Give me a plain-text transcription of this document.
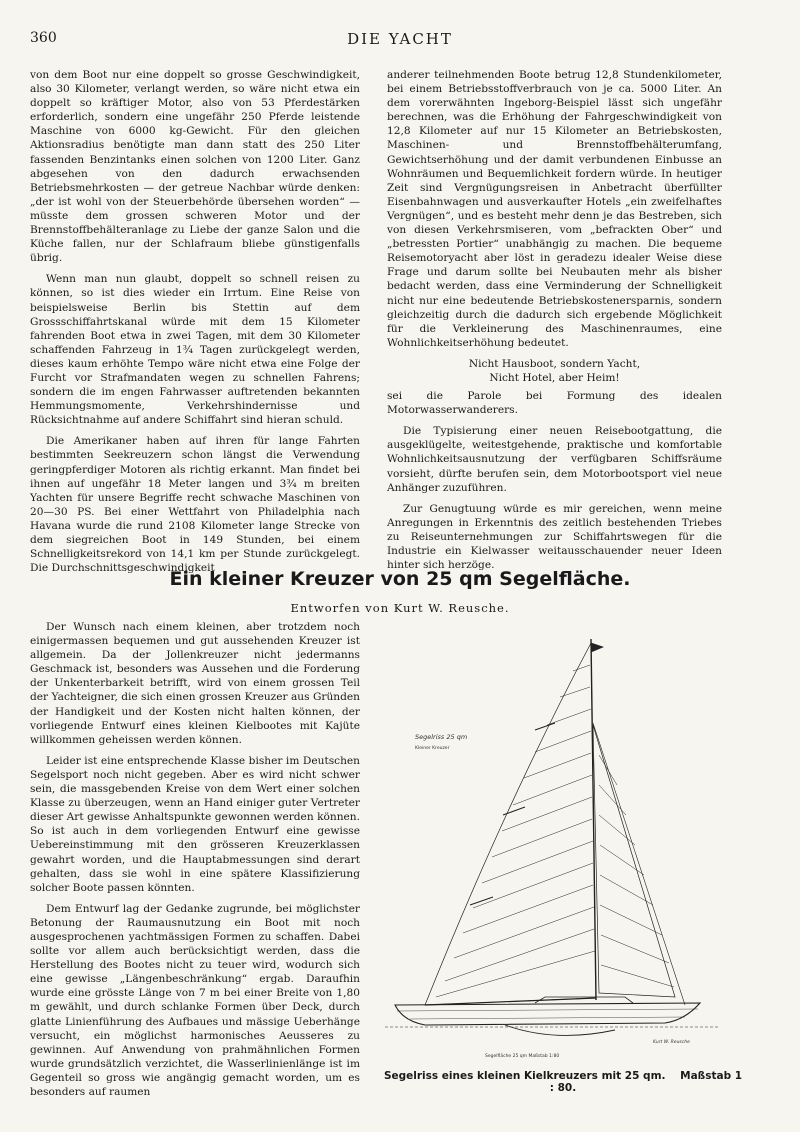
360	DIE YACHT

von dem Boot nur eine doppelt so grosse Geschwindigkeit, also 30 Kilometer, verlangt werden, so wäre nicht etwa ein doppelt so kräftiger Motor, also von 53 Pferdestärken erforderlich, sondern eine ungefähr 250 Pferde leistende Maschine von 6000 kg-Gewicht. Für den gleichen Aktionsradius benötigte man dann statt des 250 Liter fassenden Benzintanks einen solchen von 1200 Liter. Ganz abgesehen von den dadurch erwachsenden Betriebsmehrkosten — der getreue Nachbar würde denken: „der ist wohl von der Steuerbehörde übersehen worden“ — müsste dem grossen schweren Motor und der Brennstoffbehälteranlage zu Liebe der ganze Salon und die Küche fallen, nur der Schlafraum bliebe günstigenfalls übrig.

Wenn man nun glaubt, doppelt so schnell reisen zu können, so ist dies wieder ein Irrtum. Eine Reise von beispielsweise Berlin bis Stettin auf dem Grossschiffahrtskanal würde mit dem 15 Kilometer fahrenden Boot etwa in zwei Tagen, mit dem 30 Kilometer schaffenden Fahrzeug in 1¾ Tagen zurückgelegt werden, dieses kaum erhöhte Tempo wäre nicht etwa eine Folge der Furcht vor Strafmandaten wegen zu schnellen Fahrens; sondern die im engen Fahrwasser auftretenden bekannten Hemmungsmomente, Verkehrshindernisse und Rücksichtnahme auf andere Schiffahrt sind hieran schuld.

Die Amerikaner haben auf ihren für lange Fahrten bestimmten Seekreuzern schon längst die Verwendung geringpferdiger Motoren als richtig erkannt. Man findet bei ihnen auf ungefähr 18 Meter langen und 3¾ m breiten Yachten für unsere Begriffe recht schwache Maschinen von 20—30 PS. Bei einer Wettfahrt von Philadelphia nach Havana wurde die rund 2108 Kilometer lange Strecke von dem siegreichen Boot in 149 Stunden, bei einem Schnelligkeitsrekord von 14,1 km per Stunde zurückgelegt. Die Durchschnittsgeschwindigkeit

anderer teilnehmenden Boote betrug 12,8 Stundenkilometer, bei einem Betriebsstoffverbrauch von je ca. 5000 Liter. An dem vorerwähnten Ingeborg-Beispiel lässt sich ungefähr berechnen, was die Erhöhung der Fahrgeschwindigkeit von 12,8 Kilometer auf nur 15 Kilometer an Betriebskosten, Maschinen- und Brennstoffbehälterumfang, Gewichtserhöhung und der damit verbundenen Einbusse an Wohnräumen und Bequemlichkeit fordern würde. In heutiger Zeit sind Vergnügungsreisen in Anbetracht überfüllter Eisenbahnwagen und ausverkaufter Hotels „ein zweifelhaftes Vergnügen“, und es besteht mehr denn je das Bestreben, sich von diesen Verkehrsmiseren, vom „befrackten Ober“ und „betressten Portier“ unabhängig zu machen. Die bequeme Reisemotoryacht aber löst in geradezu idealer Weise diese Frage und darum sollte bei Neubauten mehr als bisher bedacht werden, dass eine Verminderung der Schnelligkeit nicht nur eine bedeutende Betriebskostenersparnis, sondern gleichzeitig durch die dadurch sich ergebende Möglichkeit für die Verkleinerung des Maschinenraumes, eine Wohnlichkeitserhöhung bedeutet.

Nicht Hausboot, sondern Yacht,
Nicht Hotel, aber Heim!

sei die Parole bei Formung des idealen Motorwasserwanderers.

Die Typisierung einer neuen Reisebootgattung, die ausgeklügelte, weitestgehende, praktische und komfortable Wohnlichkeitsausnutzung der verfügbaren Schiffsräume vorsieht, dürfte berufen sein, dem Motorbootsport viel neue Anhänger zuzuführen.

Zur Genugtuung würde es mir gereichen, wenn meine Anregungen in Erkenntnis des zeitlich bestehenden Triebes zu Reiseunternehmungen zur Schiffahrtswegen für die Industrie ein Kielwasser weitausschauender neuer Ideen hinter sich herzöge.

Ein kleiner Kreuzer von 25 qm Segelfläche.
Entworfen von Kurt W. Reusche.

Der Wunsch nach einem kleinen, aber trotzdem noch einigermassen bequemen und gut aussehenden Kreuzer ist allgemein. Da der Jollenkreuzer nicht jedermanns Geschmack ist, besonders was Aussehen und die Forderung der Unkenterbarkeit betrifft, wird von einem grossen Teil der Yachteigner, die sich einen grossen Kreuzer aus Gründen der Handigkeit und der Kosten nicht halten können, der vorliegende Entwurf eines kleinen Kielbootes mit Kajüte willkommen geheissen werden können.

Leider ist eine entsprechende Klasse bisher im Deutschen Segelsport noch nicht gegeben. Aber es wird nicht schwer sein, die massgebenden Kreise von dem Wert einer solchen Klasse zu überzeugen, wenn an Hand einiger guter Vertreter dieser Art gewisse Anhaltspunkte gewonnen werden können. So ist auch in dem vorliegenden Entwurf eine gewisse Uebereinstimmung mit den grösseren Kreuzerklassen gewahrt worden, und die Hauptabmessungen sind derart gehalten, dass sie wohl in eine spätere Klassifizierung solcher Boote passen könnten.

Dem Entwurf lag der Gedanke zugrunde, bei möglichster Betonung der Raumausnutzung ein Boot mit noch ausgesprochenen yachtmässigen Formen zu schaffen. Dabei sollte vor allem auch berücksichtigt werden, dass die Herstellung des Bootes nicht zu teuer wird, wodurch sich eine gewisse „Längenbeschränkung“ ergab. Daraufhin wurde eine grösste Länge von 7 m bei einer Breite von 1,80 m gewählt, und durch schlanke Formen über Deck, durch glatte Linienführung des Aufbaues und mässige Ueberhänge versucht, ein möglichst harmonisches Aeusseres zu gewinnen. Auf Anwendung von prahmähnlichen Formen wurde grundsätzlich verzichtet, die Wasserlinienlänge ist im Gegenteil so gross wie angängig gemacht worden, um es besonders auf raumen

Segelriss 25 qm
Kleiner Kreuzer
Segelfläche 25 qm Maßstab 1:80
Kurt W. Reusche
Segelriss eines kleinen Kielkreuzers mit 25 qm. Maßstab 1 : 80.
